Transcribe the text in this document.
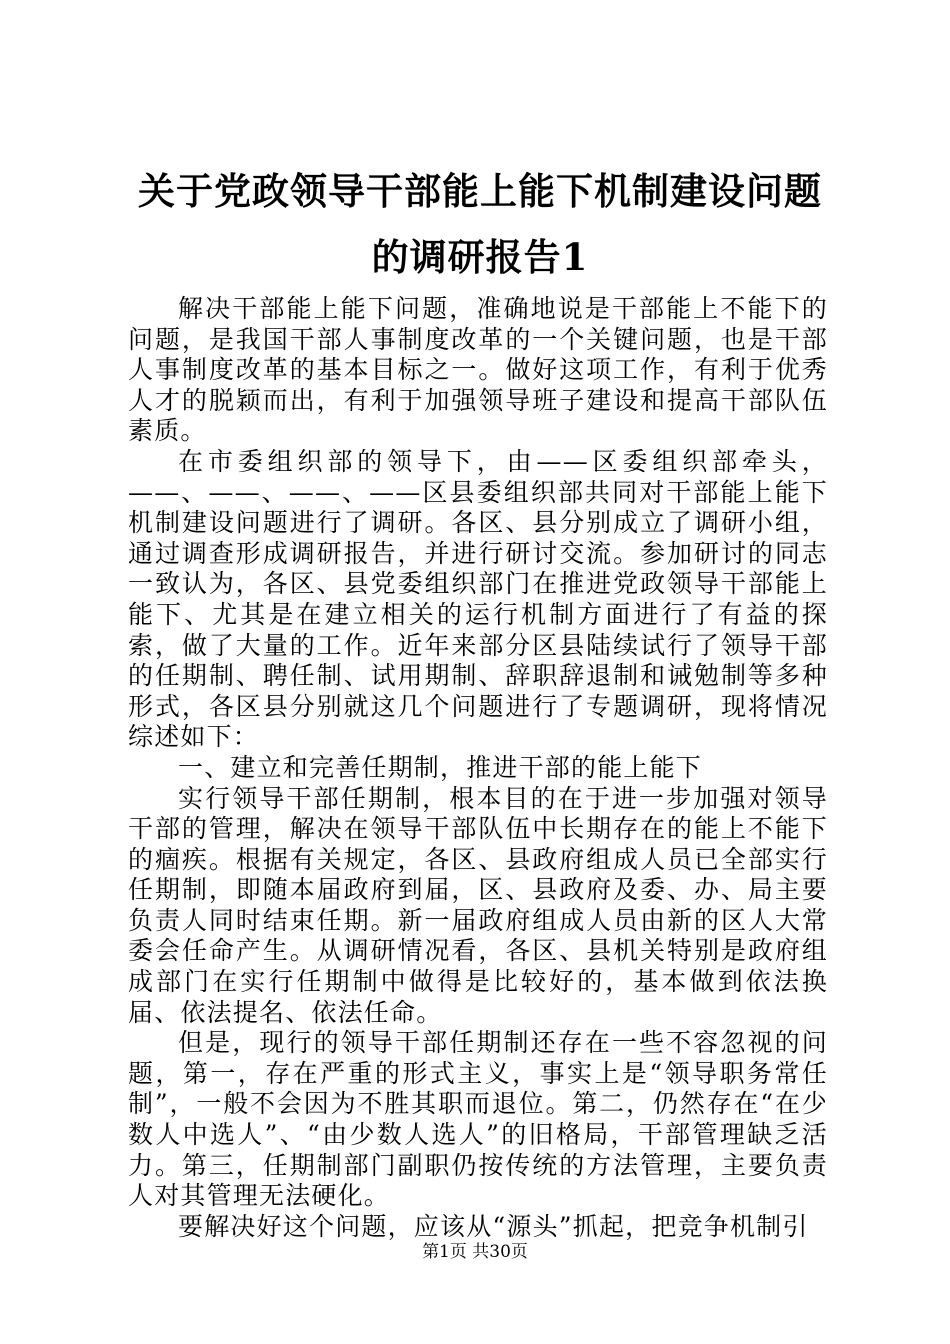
关于党政领导干部能上能下机制建设问题的调研报告1

解决干部能上能下问题，准确地说是干部能上不能下的问题，是我国干部人事制度改革的一个关键问题，也是干部人事制度改革的基本目标之一。做好这项工作，有利于优秀人才的脱颖而出，有利于加强领导班子建设和提高干部队伍素质。

在市委组织部的领导下，由——区委组织部牵头，——、——、——、——区县委组织部共同对干部能上能下机制建设问题进行了调研。各区、县分别成立了调研小组，通过调查形成调研报告，并进行研讨交流。参加研讨的同志一致认为，各区、县党委组织部门在推进党政领导干部能上能下、尤其是在建立相关的运行机制方面进行了有益的探索，做了大量的工作。近年来部分区县陆续试行了领导干部的任期制、聘任制、试用期制、辞职辞退制和诫勉制等多种形式，各区县分别就这几个问题进行了专题调研，现将情况综述如下：

一、建立和完善任期制，推进干部的能上能下

实行领导干部任期制，根本目的在于进一步加强对领导干部的管理，解决在领导干部队伍中长期存在的能上不能下的痼疾。根据有关规定，各区、县政府组成人员已全部实行任期制，即随本届政府到届，区、县政府及委、办、局主要负责人同时结束任期。新一届政府组成人员由新的区人大常委会任命产生。从调研情况看，各区、县机关特别是政府组成部门在实行任期制中做得是比较好的，基本做到依法换届、依法提名、依法任命。

但是，现行的领导干部任期制还存在一些不容忽视的问题，第一，存在严重的形式主义，事实上是“领导职务常任制”，一般不会因为不胜其职而退位。第二，仍然存在“在少数人中选人”、“由少数人选人”的旧格局，干部管理缺乏活力。第三，任期制部门副职仍按传统的方法管理，主要负责人对其管理无法硬化。

要解决好这个问题，应该从“源头”抓起，把竞争机制引

第1页 共30页
